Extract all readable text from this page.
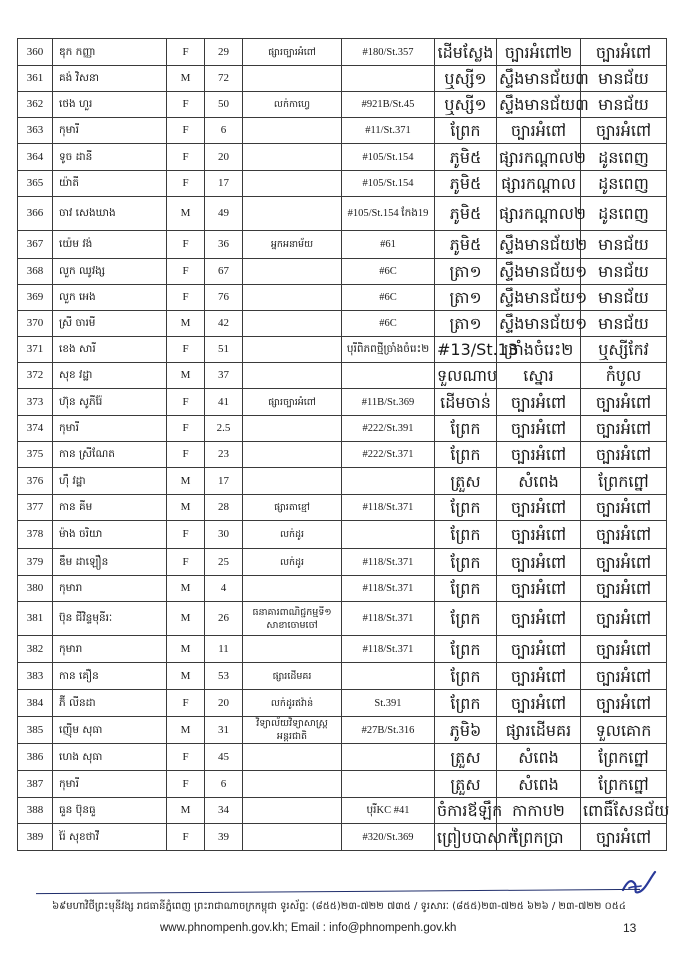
360	ឌុក កញ្ញា	F	29	ផ្សារច្បារអំពៅ	#180/St.357	ដើមស្លែង	ច្បារអំពៅ២	ច្បារអំពៅ
361	គង់ វិសនា	M	72			ឬស្សី១	ស្ទឹងមានជ័យ៣	មានជ័យ
362	ថេង ហួរ	F	50	លក់កាហ្វេ	#921B/St.45	ឬស្សី១	ស្ទឹងមានជ័យ៣	មានជ័យ
363	កុមារី	F	6		#11/St.371	ព្រែក	ច្បារអំពៅ	ច្បារអំពៅ
364	ទូច ដានី	F	20		#105/St.154	ភូមិ៥	ផ្សារកណ្ដាល២	ដូនពេញ
365	យ៉ាតី	F	17		#105/St.154	ភូមិ៥	ផ្សារកណ្ដាល	ដូនពេញ
366	ចាវ សេងឃាង	M	49		#105/St.154 កែង19	ភូមិ៥	ផ្សារកណ្ដាល២	ដូនពេញ
367	យ៉េម វង់	F	36	អ្នកអនាម័យ	#61	ភូមិ៥	ស្ទឹងមានជ័យ២	មានជ័យ
368	លួក ឈូវង្ស	F	67		#6C	ត្រា១	ស្ទឹងមានជ័យ១	មានជ័យ
369	លួក អេង	F	76		#6C	ត្រា១	ស្ទឹងមានជ័យ១	មានជ័យ
370	ស្រី ចារមី	M	42		#6C	ត្រា១	ស្ទឹងមានជ័យ១	មានជ័យ
371	ខេង សារី	F	51		បុរីពិភពថ្មីច្រាំងចំរេះ២	#13/St.13	ច្រាំងចំរេះ២	ឬស្សីកែវ
372	សុខ វដ្ឋា	M	37			ទួលណាប	ស្នោរ	កំបូល
373	ហ៊ុន សូភីរ៉ែ	F	41	ផ្សារច្បារអំពៅ	#11B/St.369	ដើមចាន់	ច្បារអំពៅ	ច្បារអំពៅ
374	កុមារី	F	2.5		#222/St.391	ព្រែក	ច្បារអំពៅ	ច្បារអំពៅ
375	កាន ស្រីណែត	F	23		#222/St.371	ព្រែក	ច្បារអំពៅ	ច្បារអំពៅ
376	ហ៊ឹ វដ្ឋា	M	17			ត្រួស	សំពេង	ព្រែកព្នៅ
377	កាន គីម	M	28	ផ្សារតាខ្មៅ	#118/St.371	ព្រែក	ច្បារអំពៅ	ច្បារអំពៅ
378	ម៉ាង ចរិយា	F	30	លក់ដូរ		ព្រែក	ច្បារអំពៅ	ច្បារអំពៅ
379	ឌឹម ដាឡឿន	F	25	លក់ដូរ	#118/St.371	ព្រែក	ច្បារអំពៅ	ច្បារអំពៅ
380	កុមារា	M	4		#118/St.371	ព្រែក	ច្បារអំពៅ	ច្បារអំពៅ
381	ប៊ុន ជីវិន្ទមុនីរៈ	M	26	ធនាគារពាណិជ្ជកម្មទី១ សាខាចោមចៅ	#118/St.371	ព្រែក	ច្បារអំពៅ	ច្បារអំពៅ
382	កុមារា	M	11		#118/St.371	ព្រែក	ច្បារអំពៅ	ច្បារអំពៅ
383	កាន គឿន	M	53	ផ្សារដើមគរ		ព្រែក	ច្បារអំពៅ	ច្បារអំពៅ
384	ភ៊ី លីនដា	F	20	លក់ដូរឥវ៉ាន់	St.391	ព្រែក	ច្បារអំពៅ	ច្បារអំពៅ
385	ញ៉ើម សុធា	M	31	វិទ្យាល័យវិទ្យាសាស្ត្រអន្តរជាតិ	#27B/St.316	ភូមិ៦	ផ្សារដើមគរ	ទួលគោក
386	ហេង សុធា	F	45			ត្រួស	សំពេង	ព្រែកព្នៅ
387	កុមារី	F	6			ត្រួស	សំពេង	ព្រែកព្នៅ
388	ធួន ប៊ុនធួ	M	34		បុរីKC #41	ចំការឪឡឹក	កាកាប២	ពោធិ៍សែនជ័យ
389	រ៉ៃ សុខថាវី	F	39		#320/St.369	ព្រៀបបាសាក់	ព្រែកប្រា	ច្បារអំពៅ
៦៩មហាវិថីព្រះមុនីវង្ស រាជធានីភ្នំពេញ ព្រះរាជាណាចក្រកម្ពុជា ទូរស័ព្ទៈ (៨៥៥)២៣-៧២២ ៧៣៥ / ទូរសារៈ (៨៥៥)២៣-៧២៥ ៦២៦ / ២៣-៧២២ ០៥៤
www.phnompenh.gov.kh; Email : info@phnompenh.gov.kh	13
